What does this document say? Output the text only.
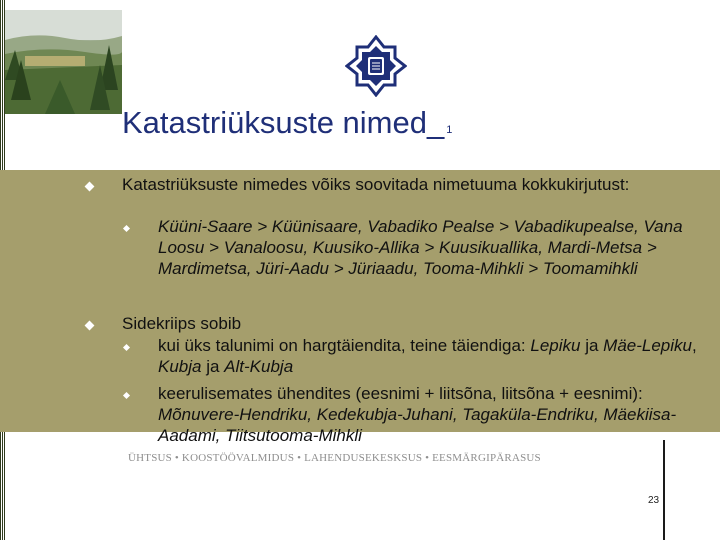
Katastriüksuste nimed_ 1
Katastriüksuste nimedes võiks soovitada nimetuuma kokkukirjutust:
Küüni-Saare > Küünisaare, Vabadiko Pealse > Vabadikupealse, Vana Loosu > Vanaloosu, Kuusiko-Allika > Kuusikuallika, Mardi-Metsa > Mardimetsa, Jüri-Aadu > Jüriaadu, Tooma-Mihkli > Toomamihkli
Sidekriips sobib
kui üks talunimi on hargtäiendita, teine täiendiga: Lepiku ja Mäe-Lepiku, Kubja ja Alt-Kubja
keerulisemates ühendites (eesnimi + liitsõna, liitsõna + eesnimi): Mõnuvere-Hendriku, Kedekubja-Juhani, Tagaküla-Endriku, Mäekiisa-Aadami, Tiitsutooma-Mihkli
ÜHTSUS • KOOSTÖÖVALMIDUS • LAHENDUSEKESKSUS • EESMÄRGIPÄRASUS
23
